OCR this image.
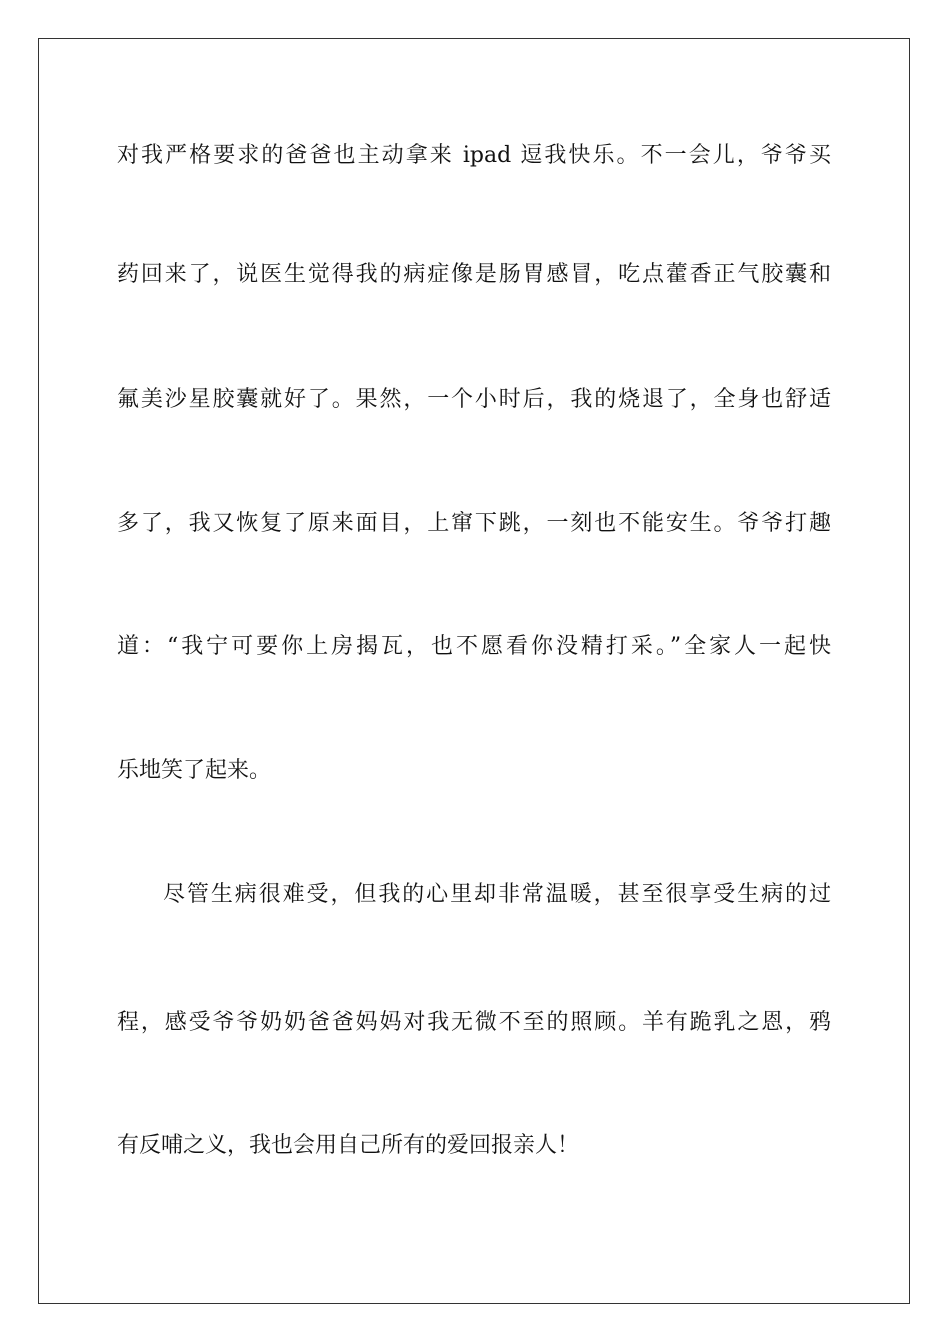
对我严格要求的爸爸也主动拿来 ipad 逗我快乐。不一会儿，爷爷买
药回来了，说医生觉得我的病症像是肠胃感冒，吃点藿香正气胶囊和
氟美沙星胶囊就好了。果然，一个小时后，我的烧退了，全身也舒适
多了，我又恢复了原来面目，上窜下跳，一刻也不能安生。爷爷打趣
道：“我宁可要你上房揭瓦，也不愿看你没精打采。”全家人一起快
乐地笑了起来。
尽管生病很难受，但我的心里却非常温暖，甚至很享受生病的过
程，感受爷爷奶奶爸爸妈妈对我无微不至的照顾。羊有跪乳之恩，鸦
有反哺之义，我也会用自己所有的爱回报亲人！
